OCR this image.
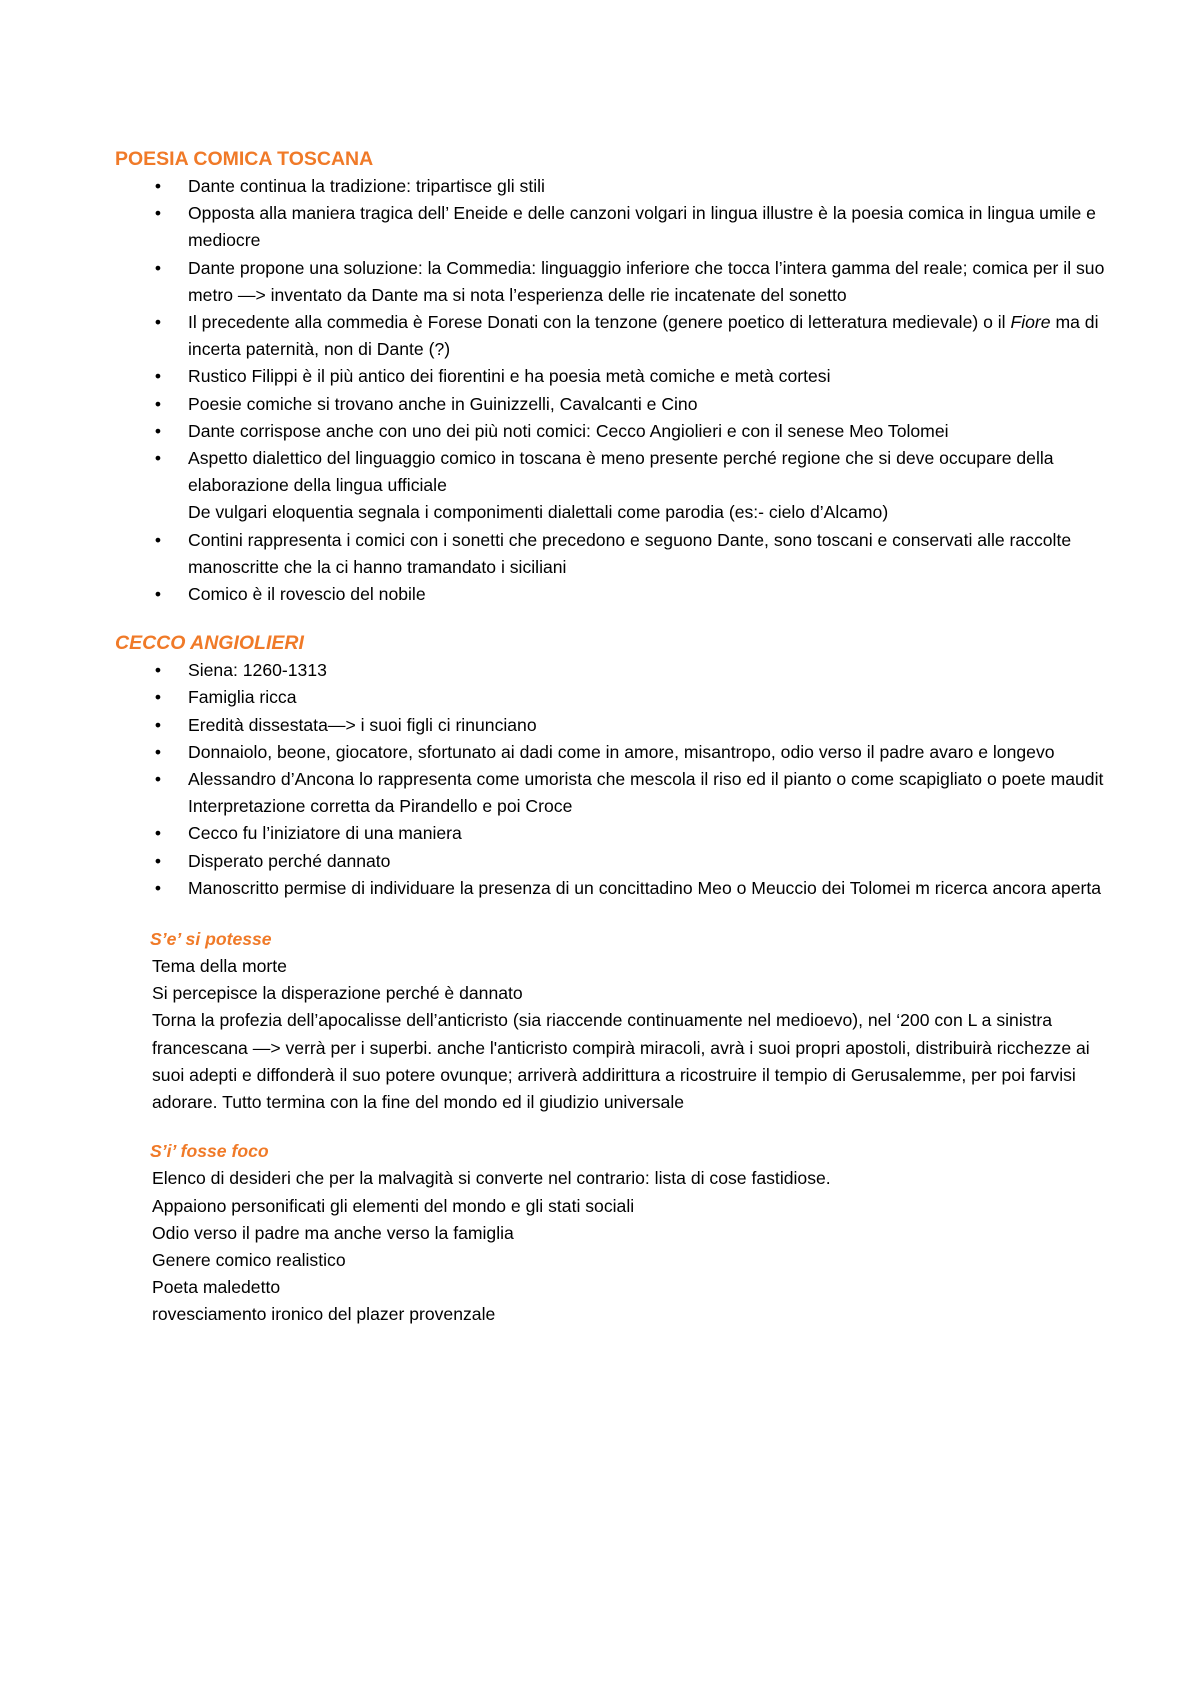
POESIA COMICA TOSCANA
• Dante continua la tradizione: tripartisce gli stili
• Opposta alla maniera tragica dell’ Eneide e delle canzoni volgari in lingua illustre è la poesia comica in lingua umile e mediocre
• Dante propone una soluzione: la Commedia: linguaggio inferiore che tocca l’intera gamma del reale; comica per il suo metro —> inventato da Dante ma si nota l’esperienza delle rie incatenate del sonetto
• Il precedente alla commedia è Forese Donati con la tenzone (genere poetico di letteratura medievale) o il Fiore ma di incerta paternità, non di Dante (?)
• Rustico Filippi è il più antico dei fiorentini e ha poesia metà comiche e metà cortesi
• Poesie comiche si trovano anche in Guinizzelli, Cavalcanti e Cino
• Dante corrispose anche con uno dei più noti comici: Cecco Angiolieri e con il senese Meo Tolomei
• Aspetto dialettico del linguaggio comico in toscana è meno presente perché regione che si deve occupare della elaborazione della lingua ufficiale
De vulgari eloquentia segnala i componimenti dialettali come parodia (es:- cielo d’Alcamo)
• Contini rappresenta i comici con i sonetti che precedono e seguono Dante, sono toscani e conservati alle raccolte manoscritte che la ci hanno tramandato i siciliani
• Comico è il rovescio del nobile
CECCO ANGIOLIERI
• Siena: 1260-1313
• Famiglia ricca
• Eredità dissestata—> i suoi figli ci rinunciano
• Donnaiolo, beone, giocatore, sfortunato ai dadi come in amore, misantropo, odio verso il padre avaro e longevo
• Alessandro d’Ancona lo rappresenta come umorista che mescola il riso ed il pianto o come scapigliato o poete maudit
Interpretazione corretta da Pirandello e poi Croce
• Cecco fu l’iniziatore di una maniera
• Disperato perché dannato
• Manoscritto permise di individuare la presenza di un concittadino Meo o Meuccio dei Tolomei m ricerca ancora aperta
S’e’ si potesse
Tema della morte
Si percepisce la disperazione perché è dannato
Torna la profezia dell’apocalisse dell’anticristo (sia riaccende continuamente nel medioevo), nel ‘200 con L a sinistra francescana —> verrà per i superbi. anche l'anticristo compirà miracoli, avrà i suoi propri apostoli, distribuirà ricchezze ai suoi adepti e diffonderà il suo potere ovunque; arriverà addirittura a ricostruire il tempio di Gerusalemme, per poi farvisi adorare. Tutto termina con la fine del mondo ed il giudizio universale
S’i’ fosse foco
Elenco di desideri che per la malvagità si converte nel contrario: lista di cose fastidiose.
Appaiono personificati gli elementi del mondo e gli stati sociali
Odio verso il padre ma anche verso la famiglia
Genere comico realistico
Poeta maledetto
rovesciamento ironico del plazer provenzale
